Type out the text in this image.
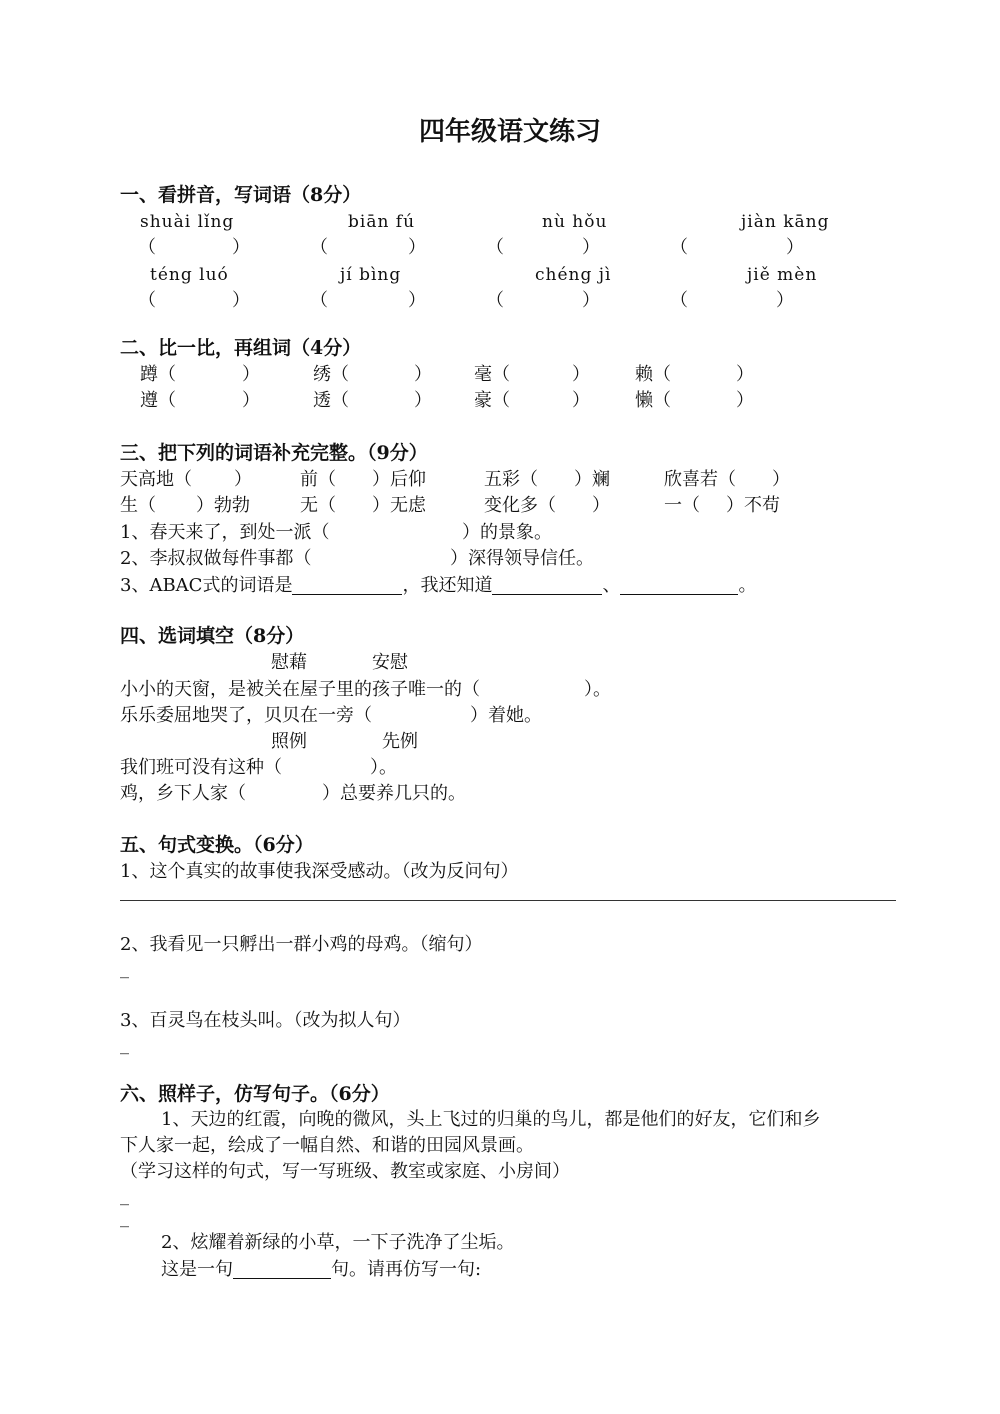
四年级语文练习
一、看拼音，写词语（8分）
shuài lǐng	biān fú	nù hǒu	jiàn kāng
（	）	（	）	（	）	（	）
téng luó	jí bìng	chéng jì	jiě mèn
（	）	（	）	（	）	（	）
二、比一比，再组词（4分）
蹲（	）	绣（	） 毫（	）	赖（	）
遵（	）	透（	） 豪（	）	懒（	）
三、把下列的词语补充完整。（9分）
天高地（ ）	前（ ）后仰	五彩（ ）斓	欣喜若（ ）
生（ ）勃勃	无（ ）无虑	变化多（ ）	一（ ）不苟
1、春天来了，到处一派（	）的景象。
2、李叔叔做每件事都（	）深得领导信任。
3、ABAC式的词语是	，我还知道	、	。
四、选词填空（8分）
慰藉	安慰
小小的天窗，是被关在屋子里的孩子唯一的（	）。
乐乐委屈地哭了，贝贝在一旁（	）着她。
照例	先例
我们班可没有这种（	）。
鸡，乡下人家（	）总要养几只的。
五、句式变换。（6分）
1、这个真实的故事使我深受感动。（改为反问句）
2、我看见一只孵出一群小鸡的母鸡。（缩句）
_
3、百灵鸟在枝头叫。（改为拟人句）
_
六、照样子，仿写句子。（6分）
1、天边的红霞，向晚的微风，头上飞过的归巢的鸟儿，都是他们的好友，它们和乡
下人家一起，绘成了一幅自然、和谐的田园风景画。
（学习这样的句式，写一写班级、教室或家庭、小房间）
_
_
2、炫耀着新绿的小草，一下子洗净了尘垢。
这是一句	句。请再仿写一句:
